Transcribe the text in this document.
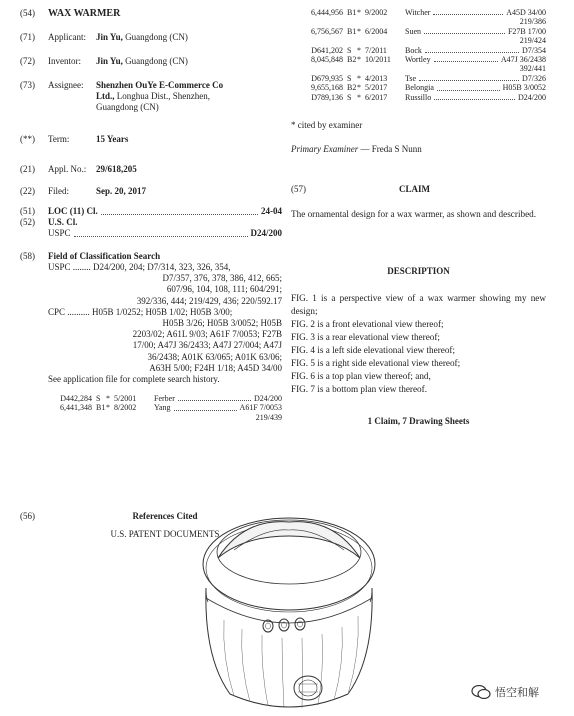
(54) WAX WARMER
(71) Applicant: Jin Yu, Guangdong (CN)
(72) Inventor: Jin Yu, Guangdong (CN)
(73) Assignee: Shenzhen OuYe E-Commerce Co
Ltd., Longhua Dist., Shenzhen,
Guangdong (CN)
(**) Term:	15 Years
(21) Appl. No.: 29/618,205
(22) Filed:	Sep. 20, 2017
(51) LOC (11) Cl.	24-04
(52) U.S. Cl.
USPC	D24/200
(58) Field of Classification Search
USPC ........ D24/200, 204; D7/314, 323, 326, 354,
D7/357, 376, 378, 386, 412, 665;
607/96, 104, 108, 111; 604/291;
392/336, 444; 219/429, 436; 220/592.17
CPC .......... H05B 1/0252; H05B 1/02; H05B 3/00;
H05B 3/26; H05B 3/0052; H05B
2203/02; A61L 9/03; A61F 7/0053; F27B
17/00; A47J 36/2433; A47J 27/004; A47J
36/2438; A01K 63/065; A01K 63/06;
A63H 5/00; F24H 1/18; A45D 34/00
See application file for complete search history.
(56)	References Cited
U.S. PATENT DOCUMENTS
D442,284 S * 5/2001	Ferber	D24/200
6,441,348 B1 * 8/2002	Yang	A61F 7/0053
219/439
6,444,956 B1 * 9/2002	Witcher	A45D 34/00
219/386
6,756,567 B1 * 6/2004	Suen	F27B 17/00
219/424
D641,202 S * 7/2011	Bock	D7/354
8,045,848 B2 * 10/2011	Wortley	A47J 36/2438
392/441
D679,935 S * 4/2013	Tse	D7/326
9,655,168 B2 * 5/2017	Belongia	H05B 3/0052
D789,136 S * 6/2017	Russillo	D24/200
* cited by examiner
Primary Examiner — Freda S Nunn
(57)	CLAIM
The ornamental design for a wax warmer, as shown and described.
DESCRIPTION
FIG. 1 is a perspective view of a wax warmer showing my new design;
FIG. 2 is a front elevational view thereof;
FIG. 3 is a rear elevational view thereof;
FIG. 4 is a left side elevational view thereof;
FIG. 5 is a right side elevational view thereof;
FIG. 6 is a top plan view thereof; and,
FIG. 7 is a bottom plan view thereof.
1 Claim, 7 Drawing Sheets
悟空和解
